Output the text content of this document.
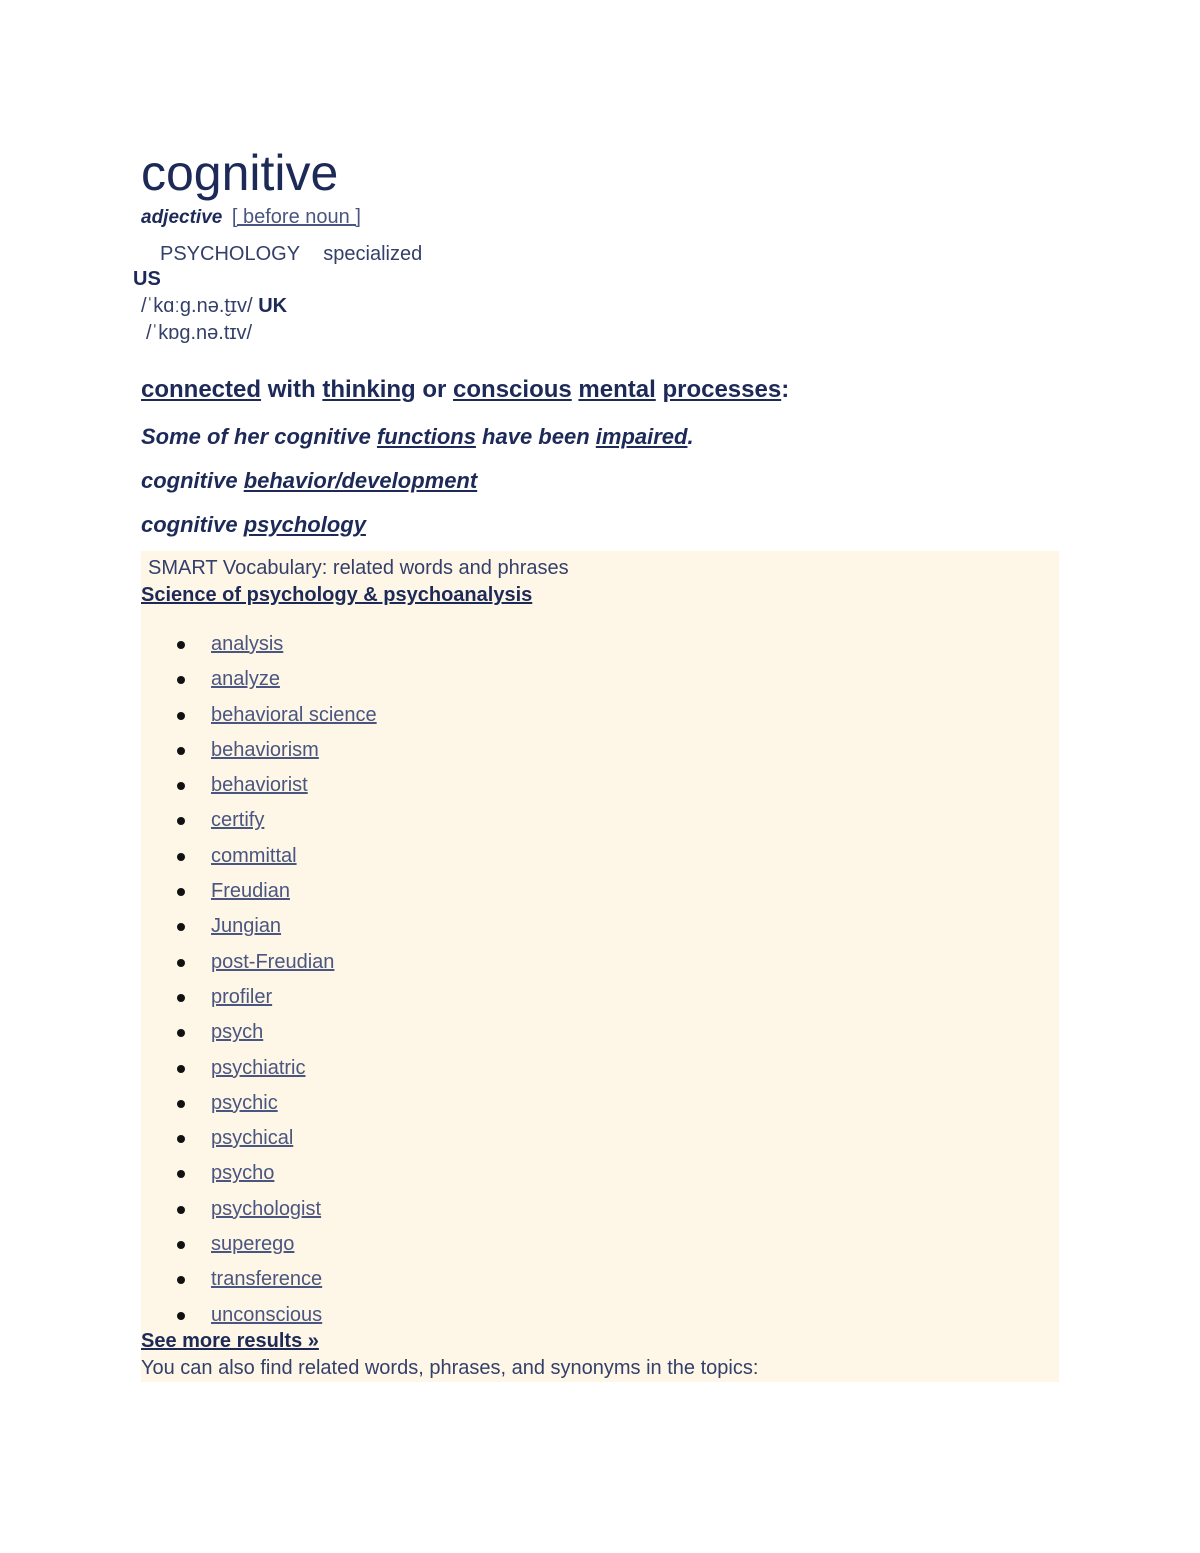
cognitive
adjective [ before noun ]
PSYCHOLOGY specialized
US
/ˈkɑːɡ.nə.t̬ɪv/ UK
/ˈkɒɡ.nə.tɪv/
connected with thinking or conscious mental processes:
Some of her cognitive functions have been impaired.
cognitive behavior/development
cognitive psychology
SMART Vocabulary: related words and phrases
Science of psychology & psychoanalysis
analysis
analyze
behavioral science
behaviorism
behaviorist
certify
committal
Freudian
Jungian
post-Freudian
profiler
psych
psychiatric
psychic
psychical
psycho
psychologist
superego
transference
unconscious
See more results »
You can also find related words, phrases, and synonyms in the topics:
